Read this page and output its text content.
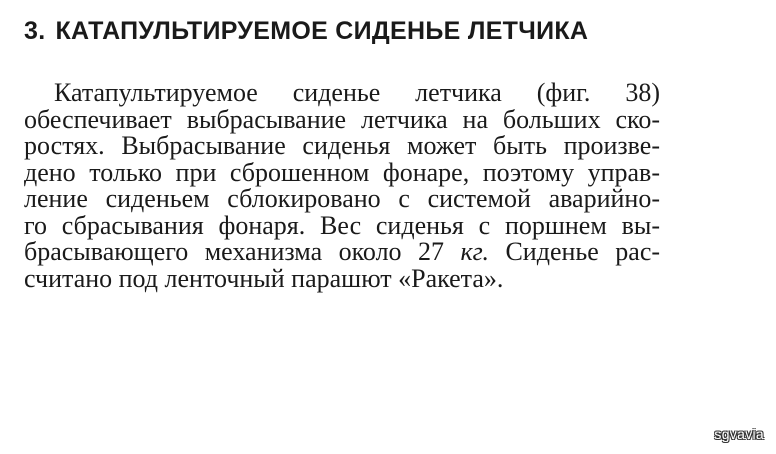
3. КАТАПУЛЬТИРУЕМОЕ СИДЕНЬЕ ЛЕТЧИКА
Катапультируемое сиденье летчика (фиг. 38)
обеспечивает выбрасывание летчика на больших ско-
ростях. Выбрасывание сиденья может быть произве-
дено только при сброшенном фонаре, поэтому управ-
ление сиденьем сблокировано с системой аварийно-
го сбрасывания фонаря. Вес сиденья с поршнем вы-
брасывающего механизма около 27 кг. Сиденье рас-
считано под ленточный парашют «Ракета».
sgvavia
